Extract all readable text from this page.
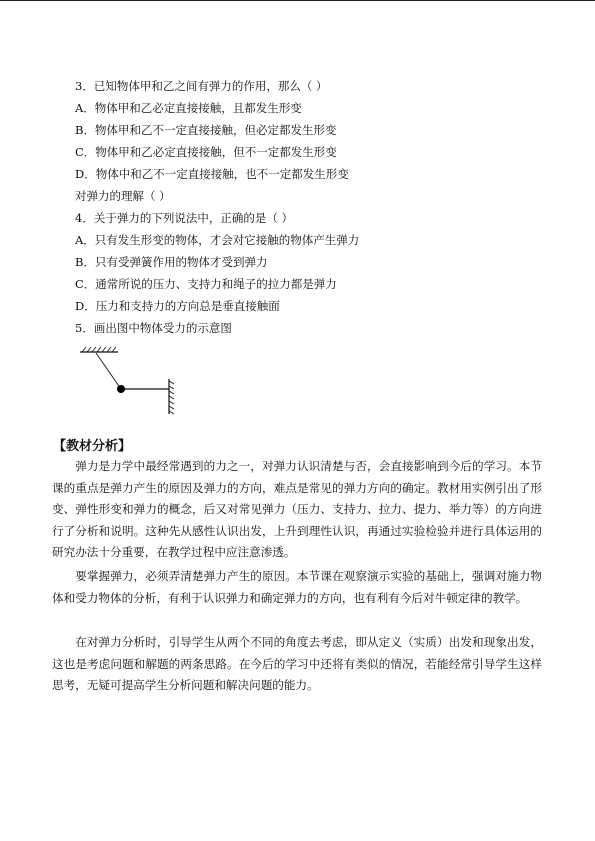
3．已知物体甲和乙之间有弹力的作用，那么（ ）
A．物体甲和乙必定直接接触，且都发生形变
B．物体甲和乙不一定直接接触，但必定都发生形变
C．物体甲和乙必定直接接触，但不一定都发生形变
D．物体中和乙不一定直接接触，也不一定都发生形变
对弹力的理解（ ）
4．关于弹力的下列说法中，正确的是（ ）
A．只有发生形变的物体，才会对它接触的物体产生弹力
B．只有受弹簧作用的物体才受到弹力
C．通常所说的压力、支持力和绳子的拉力都是弹力
D．压力和支持力的方向总是垂直接触面
5．画出图中物体受力的示意图
【教材分析】

弹力是力学中最经常遇到的力之一，对弹力认识清楚与否，会直接影响到今后的学习。本节课的重点是弹力产生的原因及弹力的方向，难点是常见的弹力方向的确定。教材用实例引出了形变、弹性形变和弹力的概念，后又对常见弹力（压力、支持力、拉力、提力、举力等）的方向进行了分析和说明。这种先从感性认识出发，上升到理性认识，再通过实验检验并进行具体运用的研究办法十分重要，在教学过程中应注意渗透。

要掌握弹力，必须弄清楚弹力产生的原因。本节课在观察演示实验的基础上，强调对施力物体和受力物体的分析，有利于认识弹力和确定弹力的方向，也有利有今后对牛顿定律的教学。

在对弹力分析时，引导学生从两个不同的角度去考虑，即从定义（实质）出发和现象出发，这也是考虑问题和解题的两条思路。在今后的学习中还将有类似的情况，若能经常引导学生这样思考，无疑可提高学生分析问题和解决问题的能力。
